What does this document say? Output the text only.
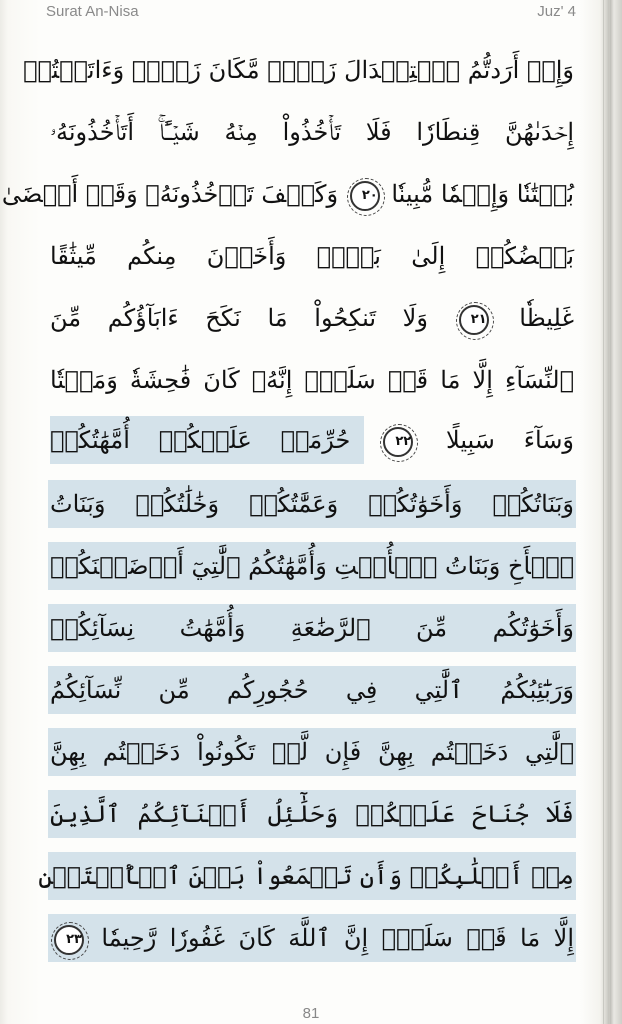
Surat An-Nisa	Juz' 4
وَإِنۡ أَرَدتُّمُ ٱسۡتِبۡدَالَ زَوۡجٖ مَّكَانَ زَوۡجٖ وَءَاتَيۡتُمۡ
إِحۡدَىٰهُنَّ قِنطَارٗا فَلَا تَأۡخُذُواْ مِنۡهُ شَيۡـًٔاۚ أَتَأۡخُذُونَهُۥ
بُهۡتَٰنٗا وَإِثۡمٗا مُّبِينٗا ٢٠ وَكَيۡفَ تَأۡخُذُونَهُۥ وَقَدۡ أَفۡضَىٰ
بَعۡضُكُمۡ إِلَىٰ بَعۡضٖ وَأَخَذۡنَ مِنكُم مِّيثَٰقًا
غَلِيظٗا ٢١ وَلَا تَنكِحُواْ مَا نَكَحَ ءَابَآؤُكُم مِّنَ
ٱلنِّسَآءِ إِلَّا مَا قَدۡ سَلَفَۚ إِنَّهُۥ كَانَ فَٰحِشَةٗ وَمَقۡتٗا
وَسَآءَ سَبِيلًا ٢٢ حُرِّمَتۡ عَلَيۡكُمۡ أُمَّهَٰتُكُمۡ
وَبَنَاتُكُمۡ وَأَخَوَٰتُكُمۡ وَعَمَّٰتُكُمۡ وَخَٰلَٰتُكُمۡ وَبَنَاتُ
ٱلۡأَخِ وَبَنَاتُ ٱلۡأُخۡتِ وَأُمَّهَٰتُكُمُ ٱلَّٰتِيٓ أَرۡضَعۡنَكُمۡ
وَأَخَوَٰتُكُم مِّنَ ٱلرَّضَٰعَةِ وَأُمَّهَٰتُ نِسَآئِكُمۡ
وَرَبَٰٓئِبُكُمُ ٱلَّٰتِي فِي حُجُورِكُم مِّن نِّسَآئِكُمُ
ٱلَّٰتِي دَخَلۡتُم بِهِنَّ فَإِن لَّمۡ تَكُونُواْ دَخَلۡتُم بِهِنَّ
فَلَا جُنَاحَ عَلَيۡكُمۡ وَحَلَٰٓئِلُ أَبۡنَآئِكُمُ ٱلَّذِينَ
مِنۡ أَصۡلَٰبِكُمۡ وَأَن تَجۡمَعُواْ بَيۡنَ ٱلۡأُخۡتَيۡنِ
إِلَّا مَا قَدۡ سَلَفَۗ إِنَّ ٱللَّهَ كَانَ غَفُورٗا رَّحِيمٗا ٢٣
81
